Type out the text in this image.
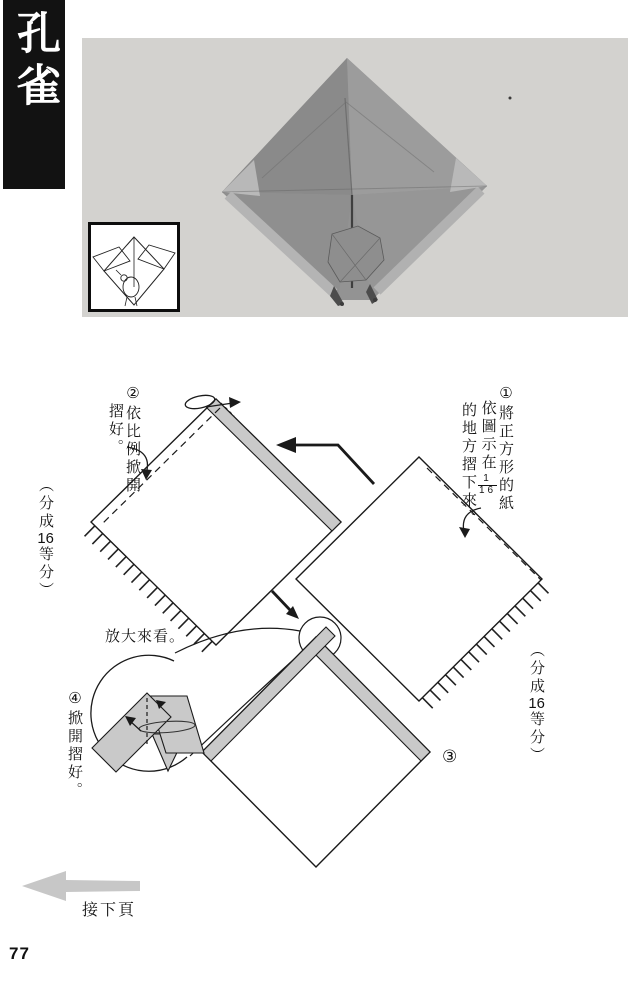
孔雀
①將正方形的紙
依圖示在
$\frac{1}{16}$
的地方摺下來。
②依比例掀開
摺好。
（分成16等分）
（分成16等分）
放大來看。
④掀開摺好。	③
接下頁
77
